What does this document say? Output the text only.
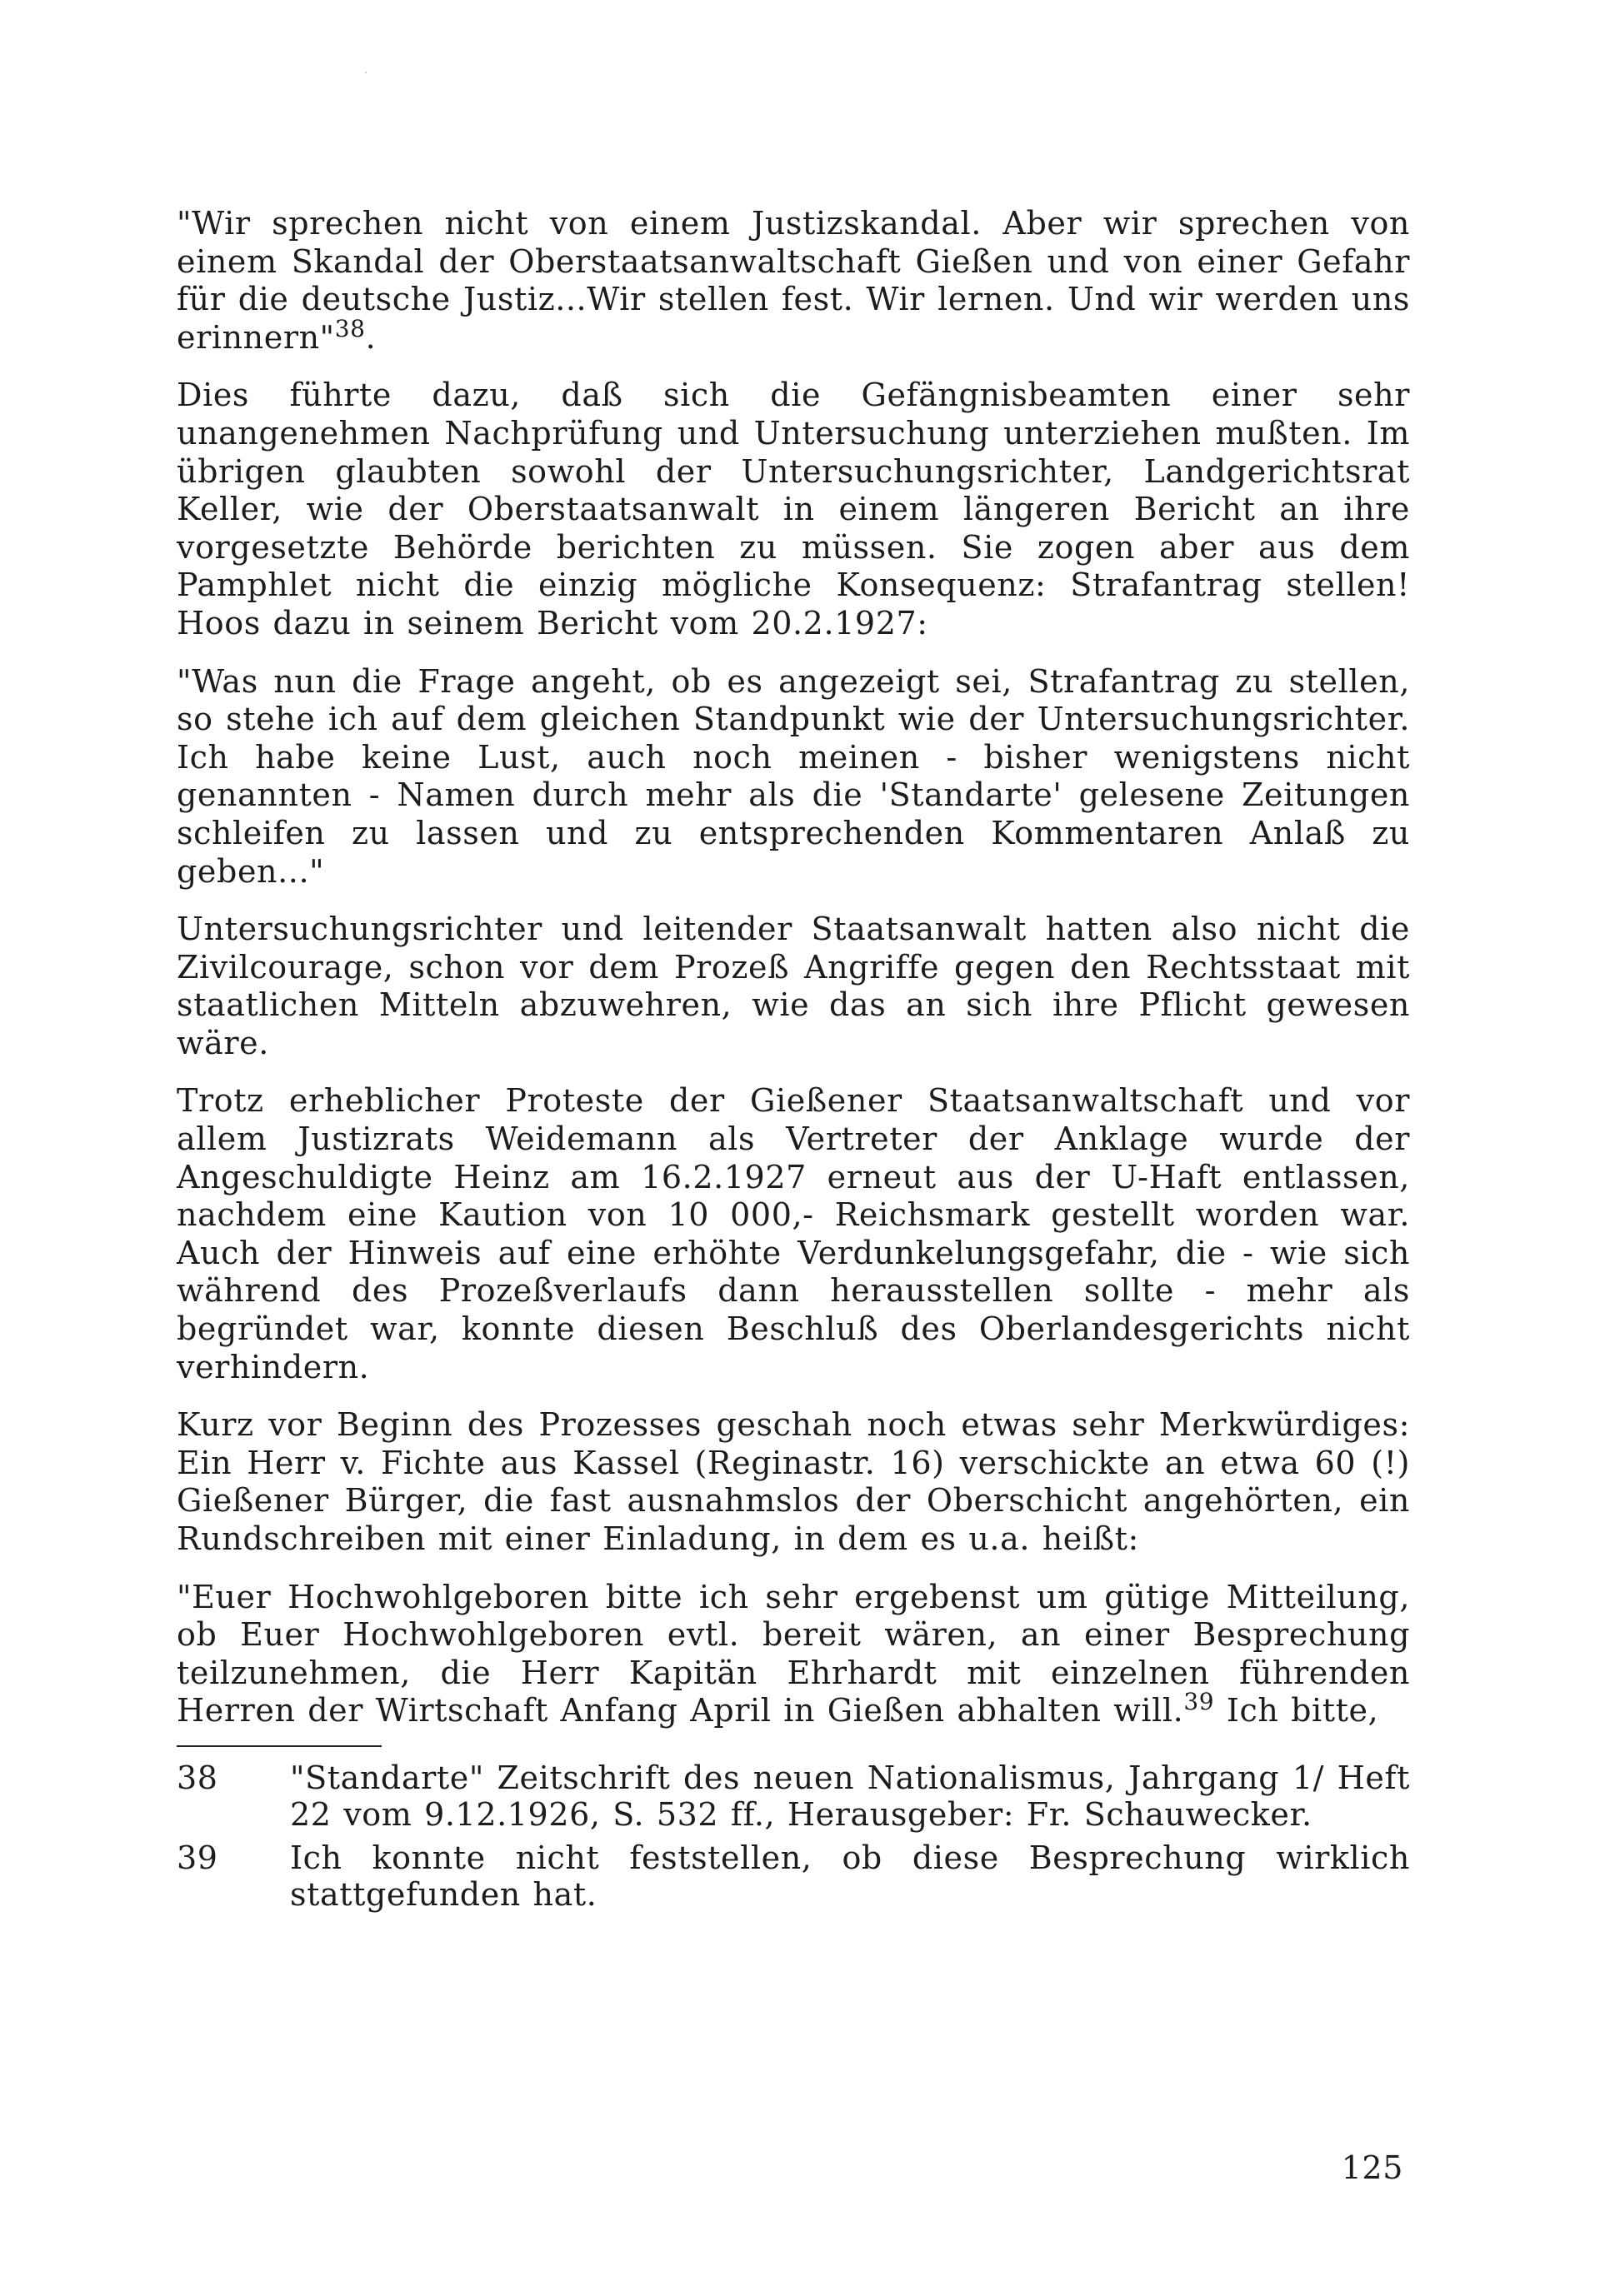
"Wir sprechen nicht von einem Justizskandal. Aber wir sprechen von einem Skandal der Oberstaatsanwaltschaft Gießen und von einer Gefahr für die deutsche Justiz...Wir stellen fest. Wir lernen. Und wir werden uns erinnern"$^{38}$.

Dies führte dazu, daß sich die Gefängnisbeamten einer sehr unangenehmen Nachprüfung und Untersuchung unterziehen mußten. Im übrigen glaubten sowohl der Untersuchungsrichter, Landgerichtsrat Keller, wie der Oberstaatsanwalt in einem längeren Bericht an ihre vorgesetzte Behörde berichten zu müssen. Sie zogen aber aus dem Pamphlet nicht die einzig mögliche Konsequenz: Strafantrag stellen! Hoos dazu in seinem Bericht vom 20.2.1927:

"Was nun die Frage angeht, ob es angezeigt sei, Strafantrag zu stellen, so stehe ich auf dem gleichen Standpunkt wie der Untersuchungsrichter. Ich habe keine Lust, auch noch meinen - bisher wenigstens nicht genannten - Namen durch mehr als die 'Standarte' gelesene Zeitungen schleifen zu lassen und zu entsprechenden Kommentaren Anlaß zu geben..."

Untersuchungsrichter und leitender Staatsanwalt hatten also nicht die Zivilcourage, schon vor dem Prozeß Angriffe gegen den Rechtsstaat mit staatlichen Mitteln abzuwehren, wie das an sich ihre Pflicht gewesen wäre.

Trotz erheblicher Proteste der Gießener Staatsanwaltschaft und vor allem Justizrats Weidemann als Vertreter der Anklage wurde der Angeschuldigte Heinz am 16.2.1927 erneut aus der U-Haft entlassen, nachdem eine Kaution von 10 000,- Reichsmark gestellt worden war. Auch der Hinweis auf eine erhöhte Verdunkelungsgefahr, die - wie sich während des Prozeßverlaufs dann herausstellen sollte - mehr als begründet war, konnte diesen Beschluß des Oberlandesgerichts nicht verhindern.

Kurz vor Beginn des Prozesses geschah noch etwas sehr Merkwürdiges: Ein Herr v. Fichte aus Kassel (Reginastr. 16) verschickte an etwa 60 (!) Gießener Bürger, die fast ausnahmslos der Oberschicht angehörten, ein Rundschreiben mit einer Einladung, in dem es u.a. heißt:

"Euer Hochwohlgeboren bitte ich sehr ergebenst um gütige Mitteilung, ob Euer Hochwohlgeboren evtl. bereit wären, an einer Besprechung teilzunehmen, die Herr Kapitän Ehrhardt mit einzelnen führenden Herren der Wirtschaft Anfang April in Gießen abhalten will.$^{39}$ Ich bitte,

38	"Standarte" Zeitschrift des neuen Nationalismus, Jahrgang 1/ Heft 22 vom 9.12.1926, S. 532 ff., Herausgeber: Fr. Schauwecker.
39	Ich konnte nicht feststellen, ob diese Besprechung wirklich stattgefunden hat.
125
